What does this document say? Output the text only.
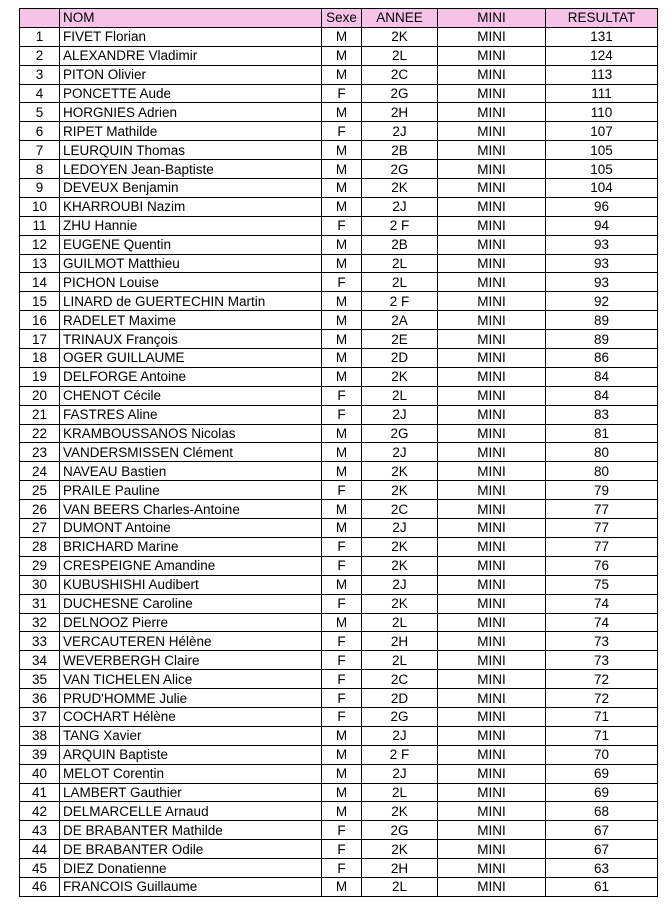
	NOM	Sexe	ANNEE	MINI	RESULTAT
1	FIVET Florian	M	2K	MINI	131
2	ALEXANDRE Vladimir	M	2L	MINI	124
3	PITON Olivier	M	2C	MINI	113
4	PONCETTE Aude	F	2G	MINI	111
5	HORGNIES Adrien	M	2H	MINI	110
6	RIPET Mathilde	F	2J	MINI	107
7	LEURQUIN Thomas	M	2B	MINI	105
8	LEDOYEN Jean-Baptiste	M	2G	MINI	105
9	DEVEUX Benjamin	M	2K	MINI	104
10	KHARROUBI Nazim	M	2J	MINI	96
11	ZHU Hannie	F	2 F	MINI	94
12	EUGENE Quentin	M	2B	MINI	93
13	GUILMOT Matthieu	M	2L	MINI	93
14	PICHON Louise	F	2L	MINI	93
15	LINARD de GUERTECHIN Martin	M	2 F	MINI	92
16	RADELET Maxime	M	2A	MINI	89
17	TRINAUX François	M	2E	MINI	89
18	OGER GUILLAUME	M	2D	MINI	86
19	DELFORGE Antoine	M	2K	MINI	84
20	CHENOT Cécile	F	2L	MINI	84
21	FASTRES Aline	F	2J	MINI	83
22	KRAMBOUSSANOS Nicolas	M	2G	MINI	81
23	VANDERSMISSEN Clément	M	2J	MINI	80
24	NAVEAU Bastien	M	2K	MINI	80
25	PRAILE Pauline	F	2K	MINI	79
26	VAN BEERS Charles-Antoine	M	2C	MINI	77
27	DUMONT Antoine	M	2J	MINI	77
28	BRICHARD Marine	F	2K	MINI	77
29	CRESPEIGNE Amandine	F	2K	MINI	76
30	KUBUSHISHI Audibert	M	2J	MINI	75
31	DUCHESNE Caroline	F	2K	MINI	74
32	DELNOOZ Pierre	M	2L	MINI	74
33	VERCAUTEREN Hélène	F	2H	MINI	73
34	WEVERBERGH Claire	F	2L	MINI	73
35	VAN TICHELEN Alice	F	2C	MINI	72
36	PRUD'HOMME Julie	F	2D	MINI	72
37	COCHART Hélène	F	2G	MINI	71
38	TANG Xavier	M	2J	MINI	71
39	ARQUIN Baptiste	M	2 F	MINI	70
40	MELOT Corentin	M	2J	MINI	69
41	LAMBERT Gauthier	M	2L	MINI	69
42	DELMARCELLE Arnaud	M	2K	MINI	68
43	DE BRABANTER Mathilde	F	2G	MINI	67
44	DE BRABANTER Odile	F	2K	MINI	67
45	DIEZ Donatienne	F	2H	MINI	63
46	FRANCOIS Guillaume	M	2L	MINI	61
